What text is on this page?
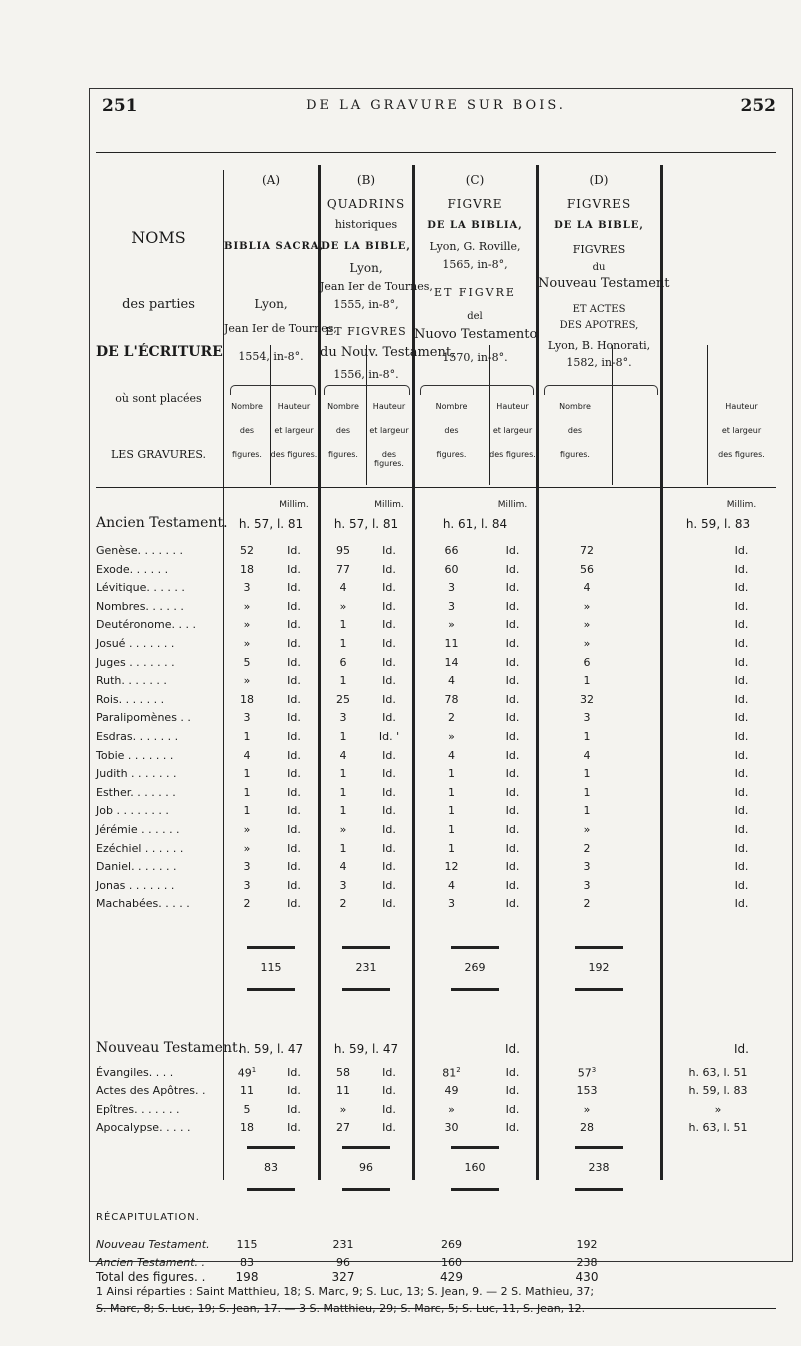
251	DE LA GRAVURE SUR BOIS.	252
NOMS
des parties
DE L'ÉCRITURE
où sont placées
LES GRAVURES.
(A)
BIBLIA SACRA,
Lyon,
Jean Ier de Tournes,
1554, in-8°.
(B)
QUADRINS
historiques
DE LA BIBLE,
Lyon,
Jean Ier de Tournes,
1555, in-8°,
ET FIGVRES
du Nouv. Testament,
1556, in-8°.
(C)
FIGVRE
DE LA BIBLIA,
Lyon, G. Roville,
1565, in-8°,
ET FIGVRE
del
Nuovo Testamento
1570, in-8°.
(D)
FIGVRES
DE LA BIBLE,
FIGVRES
du
Nouveau Testament
ET ACTES
DES APOTRES,
Lyon, B. Honorati,
1582, in-8°.
Nombre
des
figures.
Hauteur
et largeur
des figures.
Nombre
des
figures.
Hauteur
et largeur
des figures.
Nombre
des
figures.
Hauteur
et largeur
des figures.
Nombre
des
figures.
Hauteur
et largeur
des figures.
Ancien Testament.
Millim.	Millim.	Millim.	Millim.
h. 57, l. 81	h. 57, l. 81	h. 61, l. 84	h. 59, l. 83
Genèse. . . . . . .	52	Id.	95	Id.	66	Id.	72	Id.
Exode. . . . . .	18	Id.	77	Id.	60	Id.	56	Id.
Lévitique. . . . . .	3	Id.	4	Id.	3	Id.	4	Id.
Nombres. . . . . .	»	Id.	»	Id.	3	Id.	»	Id.
Deutéronome. . . .	»	Id.	1	Id.	»	Id.	»	Id.
Josué . . . . . . .	»	Id.	1	Id.	11	Id.	»	Id.
Juges . . . . . . .	5	Id.	6	Id.	14	Id.	6	Id.
Ruth. . . . . . .	»	Id.	1	Id.	4	Id.	1	Id.
Rois. . . . . . .	18	Id.	25	Id.	78	Id.	32	Id.
Paralipomènes . .	3	Id.	3	Id.	2	Id.	3	Id.
Esdras. . . . . . .	1	Id.	1	Id. '	»	Id.	1	Id.
Tobie . . . . . . .	4	Id.	4	Id.	4	Id.	4	Id.
Judith . . . . . . .	1	Id.	1	Id.	1	Id.	1	Id.
Esther. . . . . . .	1	Id.	1	Id.	1	Id.	1	Id.
Job . . . . . . . .	1	Id.	1	Id.	1	Id.	1	Id.
Jérémie . . . . . .	»	Id.	»	Id.	1	Id.	»	Id.
Ezéchiel . . . . . .	»	Id.	1	Id.	1	Id.	2	Id.
Daniel. . . . . . .	3	Id.	4	Id.	12	Id.	3	Id.
Jonas . . . . . . .	3	Id.	3	Id.	4	Id.	3	Id.
Machabées. . . . .	2	Id.	2	Id.	3	Id.	2	Id.
115	231	269	192
Nouveau Testament.
h. 59, l. 47	h. 59, l. 47	Id.	Id.
Évangiles. . . .	$49^1$	Id.	58	Id.	$81^2$	Id.	$57^3$	h. 63, l. 51
Actes des Apôtres. .	11	Id.	11	Id.	49	Id.	153	h. 59, l. 83
Epîtres. . . . . . .	5	Id.	»	Id.	»	Id.	»	»
Apocalypse. . . . .	18	Id.	27	Id.	30	Id.	28	h. 63, l. 51
83	96	160	238
RÉCAPITULATION.
Nouveau Testament.	115	231	269	192
Ancien Testament. .	83	96	160	238
Total des figures. .	198	327	429	430
1 Ainsi réparties : Saint Matthieu, 18; S. Marc, 9; S. Luc, 13; S. Jean, 9. — 2 S. Mathieu, 37;
S. Marc, 8; S. Luc, 19; S. Jean, 17. — 3 S. Matthieu, 29; S. Marc, 5; S. Luc, 11, S. Jean, 12.
